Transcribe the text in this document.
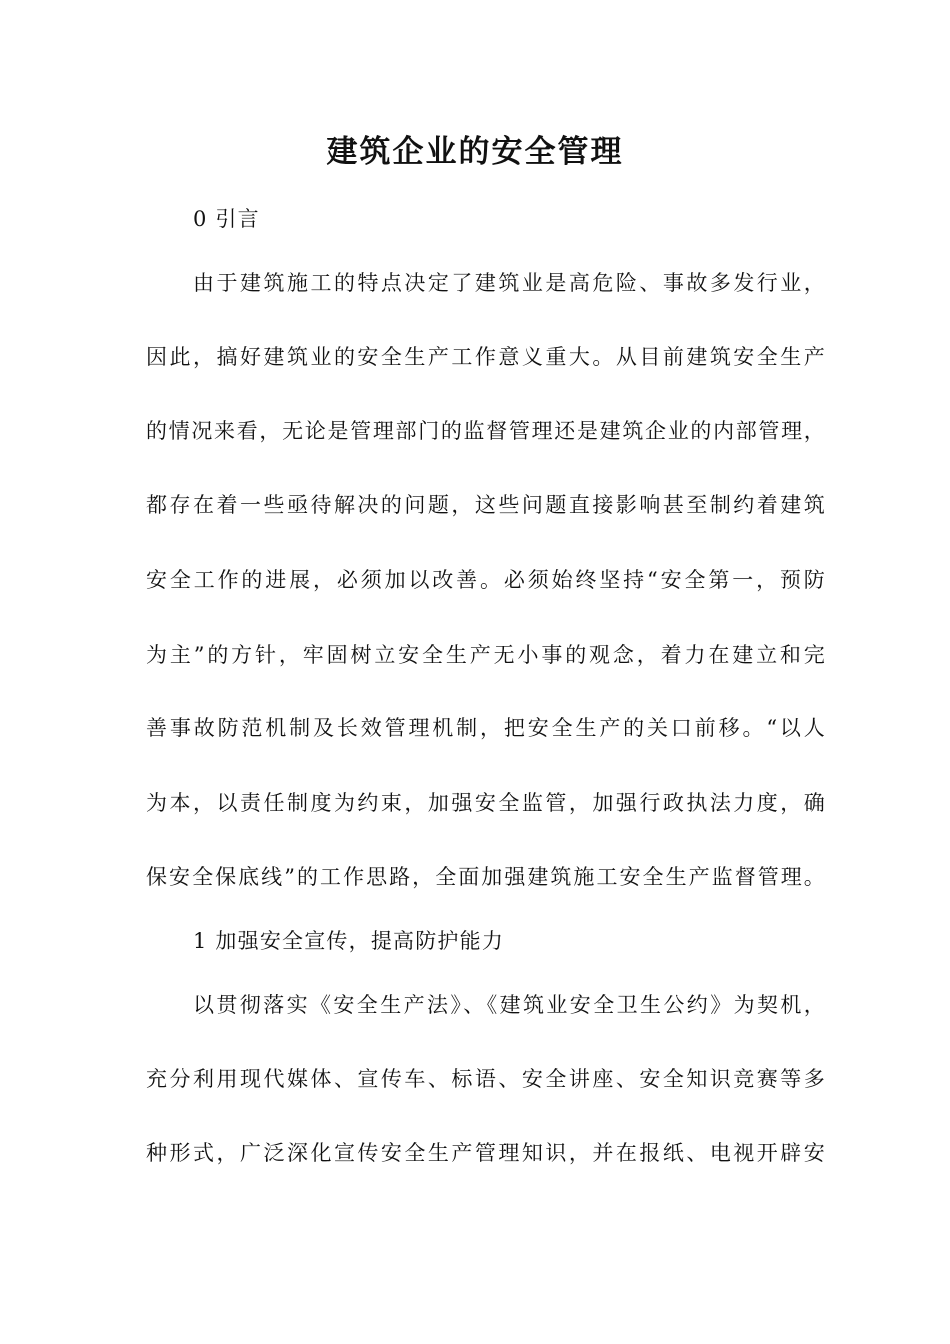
建筑企业的安全管理
0 引言
由于建筑施工的特点决定了建筑业是高危险、事故多发行业，
因此，搞好建筑业的安全生产工作意义重大。从目前建筑安全生产
的情况来看，无论是管理部门的监督管理还是建筑企业的内部管理，
都存在着一些亟待解决的问题，这些问题直接影响甚至制约着建筑
安全工作的进展，必须加以改善。必须始终坚持“安全第一，预防
为主”的方针，牢固树立安全生产无小事的观念，着力在建立和完
善事故防范机制及长效管理机制，把安全生产的关口前移。“以人
为本，以责任制度为约束，加强安全监管，加强行政执法力度，确
保安全保底线”的工作思路，全面加强建筑施工安全生产监督管理。
1 加强安全宣传，提高防护能力
以贯彻落实《安全生产法》、《建筑业安全卫生公约》为契机，
充分利用现代媒体、宣传车、标语、安全讲座、安全知识竞赛等多
种形式，广泛深化宣传安全生产管理知识，并在报纸、电视开辟安
